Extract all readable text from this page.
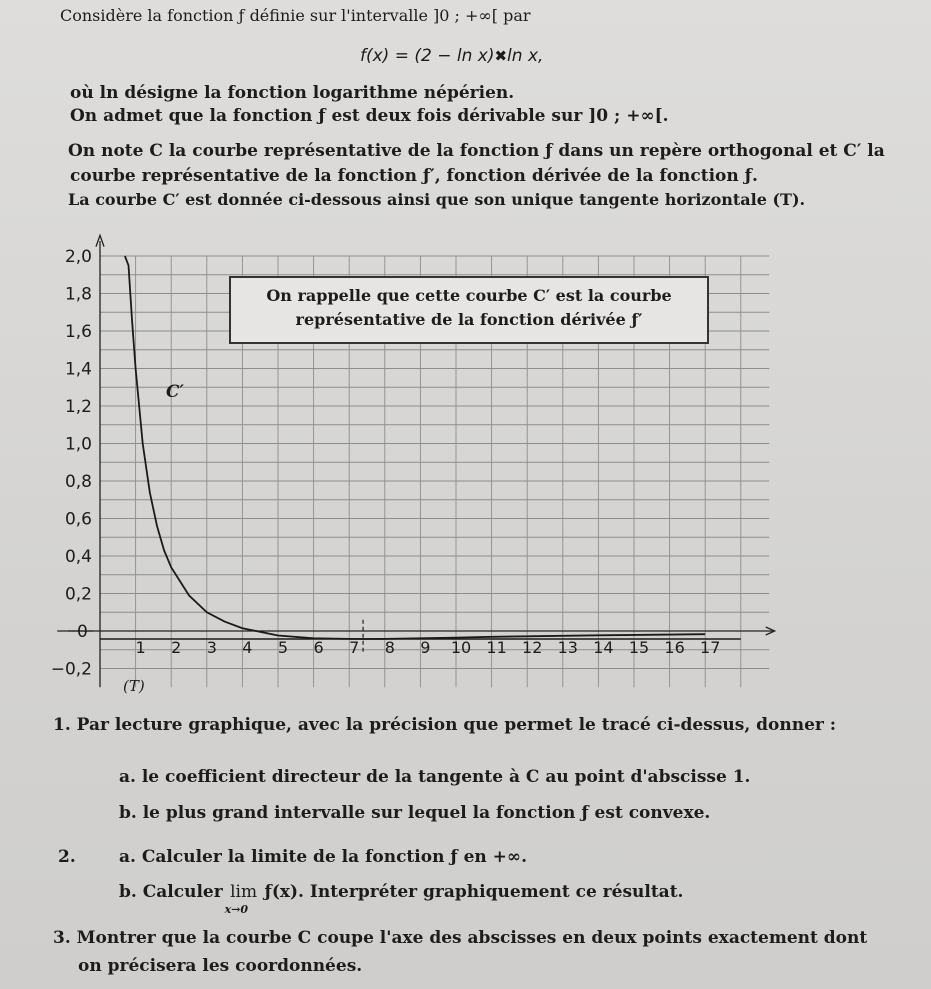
Considère la fonction ƒ définie sur l'intervalle ]0 ; +∞[ par
f(x) = (2 − ln x)✖ln x,
où ln désigne la fonction logarithme népérien.
On admet que la fonction ƒ est deux fois dérivable sur ]0 ; +∞[.
On note C la courbe représentative de la fonction ƒ dans un repère orthogonal et C′ la
courbe représentative de la fonction ƒ′, fonction dérivée de la fonction ƒ.
La courbe C′ est donnée ci-dessous ainsi que son unique tangente horizontale (T).
2,0
1,8
1,6
1,4
1,2
1,0
0,8
0,6
0,4
0,2
−0,2
1 2 3 4 5 6 7 8 9 10 11 12 13 14 15 16 17
C′
(T)
0
On rappelle que cette courbe C′ est la courbe
représentative de la fonction dérivée ƒ′
1. Par lecture graphique, avec la précision que permet le tracé ci-dessus, donner :
a. le coefficient directeur de la tangente à C au point d'abscisse 1.
b. le plus grand intervalle sur lequel la fonction ƒ est convexe.
2.	a. Calculer la limite de la fonction ƒ en +∞.
b. Calculer lim
x→0
ƒ(x). Interpréter graphiquement ce résultat.
3. Montrer que la courbe C coupe l'axe des abscisses en deux points exactement dont
on précisera les coordonnées.
